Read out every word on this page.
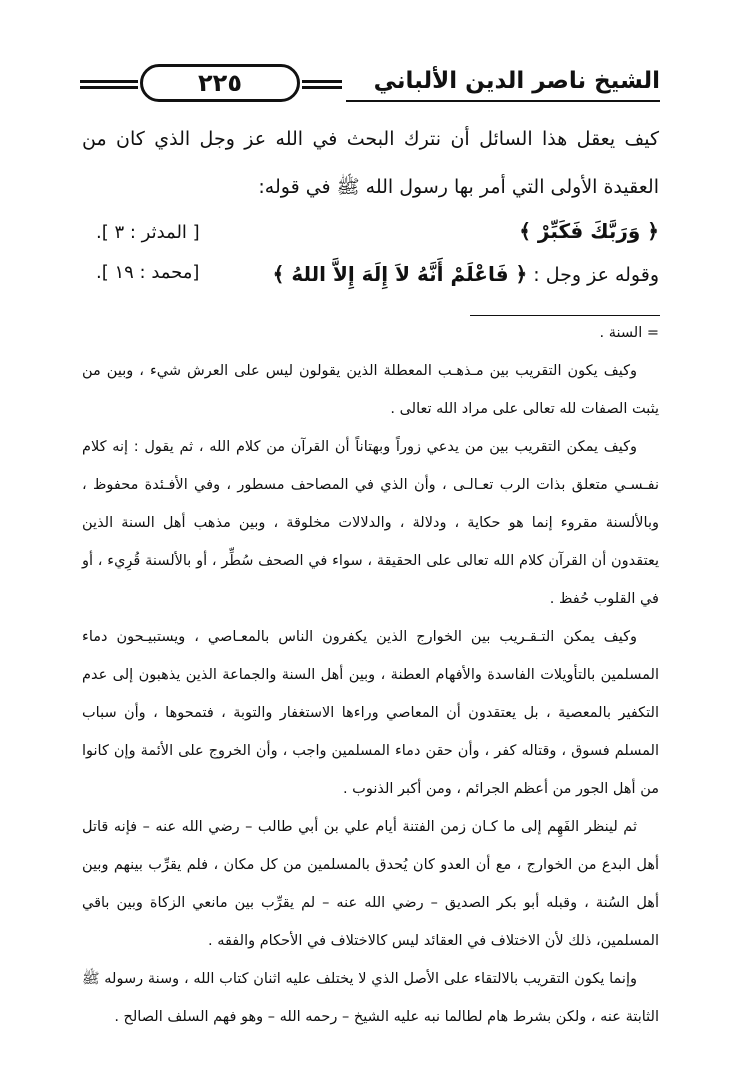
٢٢٥	الشيخ ناصر الدين الألباني
كيف يعقل هذا السائل أن نترك البحث في الله عز وجل الذي كان من
العقيدة الأولى التي أمر بها رسول الله ﷺ في قوله:
﴿ وَرَبَّكَ فَكَبِّرْ ﴾
[ المدثر : ٣ ].
وقوله عز وجل : ﴿ فَاعْلَمْ أَنَّهُ لاَ إِلَهَ إِلاَّ اللهُ ﴾
[محمد : ١٩ ].

= السنة .

وكيف يكون التقريب بين مـذهـب المعطلة الذين يقولون ليس على العرش شيء ، وبين من يثبت الصفات لله تعالى على مراد الله تعالى .

وكيف يمكن التقريب بين من يدعي زوراً وبهتاناً أن القرآن من كلام الله ، ثم يقول : إنه كلام نفـسـي متعلق بذات الرب تعـالـى ، وأن الذي في المصاحف مسطور ، وفي الأفـئدة محفوظ ، وبالألسنة مقروء إنما هو حكاية ، ودلالة ، والدلالات مخلوقة ، وبين مذهب أهل السنة الذين يعتقدون أن القرآن كلام الله تعالى على الحقيقة ، سواء في الصحف سُطِّر ، أو بالألسنة قُرِيء ، أو في القلوب حُفظ .

وكيف يمكن التـقـريب بين الخوارج الذين يكفرون الناس بالمعـاصي ، ويستبيـحون دماء المسلمين بالتأويلات الفاسدة والأفهام العطنة ، وبين أهل السنة والجماعة الذين يذهبون إلى عدم التكفير بالمعصية ، بل يعتقدون أن المعاصي وراءها الاستغفار والتوبة ، فتمحوها ، وأن سباب المسلم فسوق ، وقتاله كفر ، وأن حقن دماء المسلمين واجب ، وأن الخروج على الأئمة وإن كانوا من أهل الجور من أعظم الجرائم ، ومن أكبر الذنوب .

ثم لينظر الفَهِم إلى ما كـان زمن الفتنة أيام علي بن أبي طالب – رضي الله عنه – فإنه قاتل أهل البدع من الخوارج ، مع أن العدو كان يُحدق بالمسلمين من كل مكان ، فلم يقرِّب بينهم وبين أهل السُنة ، وقبله أبو بكر الصديق – رضي الله عنه – لم يقرِّب بين مانعي الزكاة وبين باقي المسلمين، ذلك لأن الاختلاف في العقائد ليس كالاختلاف في الأحكام والفقه .

وإنما يكون التقريب بالالتقاء على الأصل الذي لا يختلف عليه اثنان كتاب الله ، وسنة رسوله ﷺ الثابتة عنه ، ولكن بشرط هام لطالما نبه عليه الشيخ – رحمه الله – وهو فهم السلف الصالح .
